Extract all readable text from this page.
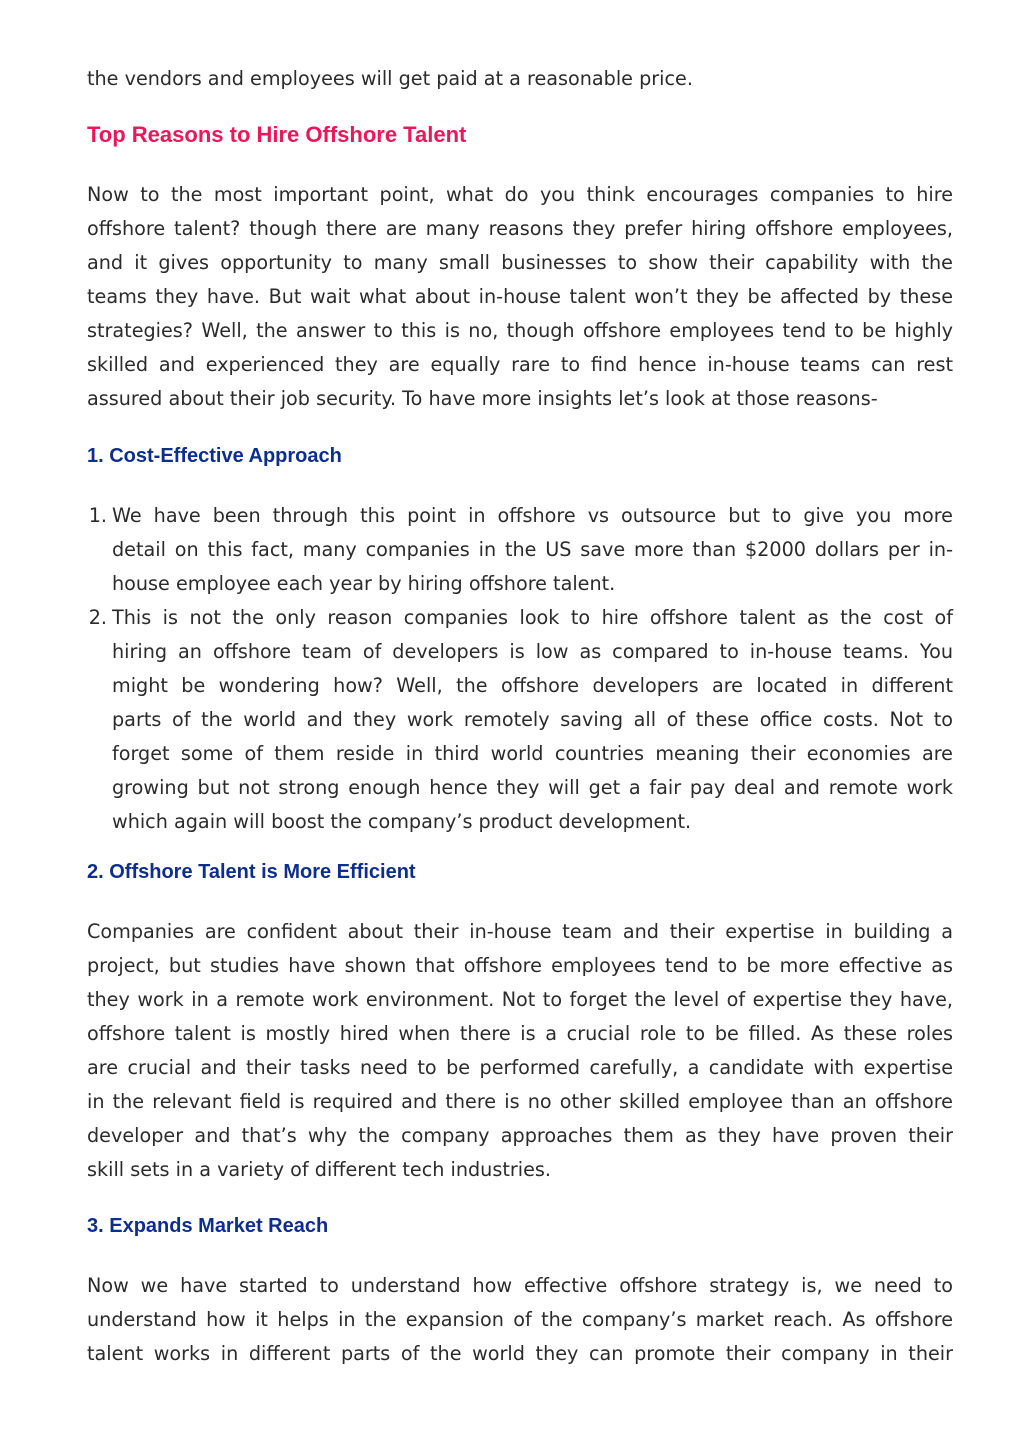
the vendors and employees will get paid at a reasonable price.
Top Reasons to Hire Offshore Talent
Now to the most important point, what do you think encourages companies to hire
offshore talent? though there are many reasons they prefer hiring offshore employees,
and it gives opportunity to many small businesses to show their capability with the
teams they have. But wait what about in-house talent won’t they be affected by these
strategies? Well, the answer to this is no, though offshore employees tend to be highly
skilled and experienced they are equally rare to find hence in-house teams can rest
assured about their job security. To have more insights let’s look at those reasons-
1. Cost-Effective Approach
1. We have been through this point in offshore vs outsource but to give you more
detail on this fact, many companies in the US save more than $2000 dollars per in-
house employee each year by hiring offshore talent.
2. This is not the only reason companies look to hire offshore talent as the cost of
hiring an offshore team of developers is low as compared to in-house teams. You
might be wondering how? Well, the offshore developers are located in different
parts of the world and they work remotely saving all of these office costs. Not to
forget some of them reside in third world countries meaning their economies are
growing but not strong enough hence they will get a fair pay deal and remote work
which again will boost the company’s product development.
2. Offshore Talent is More Efficient
Companies are confident about their in-house team and their expertise in building a
project, but studies have shown that offshore employees tend to be more effective as
they work in a remote work environment. Not to forget the level of expertise they have,
offshore talent is mostly hired when there is a crucial role to be filled. As these roles
are crucial and their tasks need to be performed carefully, a candidate with expertise
in the relevant field is required and there is no other skilled employee than an offshore
developer and that’s why the company approaches them as they have proven their
skill sets in a variety of different tech industries.
3. Expands Market Reach
Now we have started to understand how effective offshore strategy is, we need to
understand how it helps in the expansion of the company’s market reach. As offshore
talent works in different parts of the world they can promote their company in their
